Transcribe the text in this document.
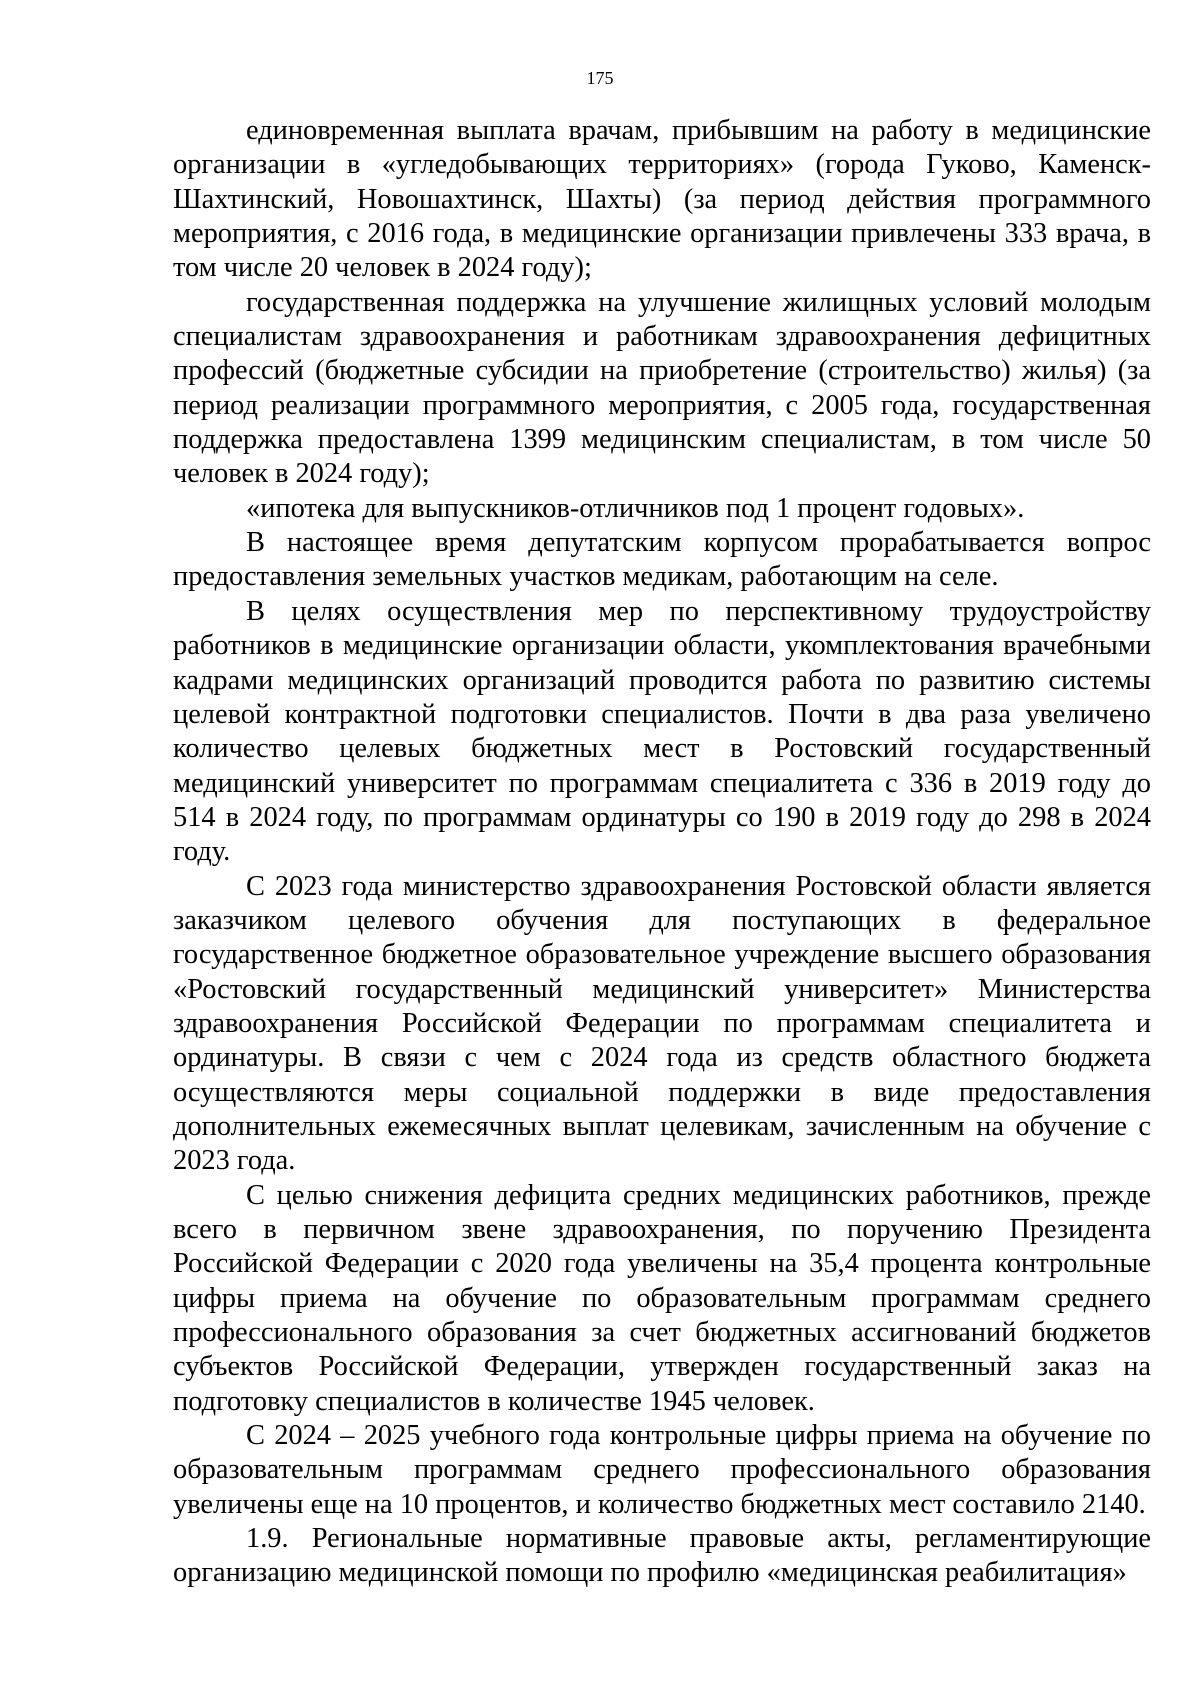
175

единовременная выплата врачам, прибывшим на работу в медицинские организации в «угледобывающих территориях» (города Гуково, Каменск-Шахтинский, Новошахтинск, Шахты) (за период действия программного мероприятия, с 2016 года, в медицинские организации привлечены 333 врача, в том числе 20 человек в 2024 году);

государственная поддержка на улучшение жилищных условий молодым специалистам здравоохранения и работникам здравоохранения дефицитных профессий (бюджетные субсидии на приобретение (строительство) жилья) (за период реализации программного мероприятия, с 2005 года, государственная поддержка предоставлена 1399 медицинским специалистам, в том числе 50 человек в 2024 году);

«ипотека для выпускников-отличников под 1 процент годовых».

В настоящее время депутатским корпусом прорабатывается вопрос предоставления земельных участков медикам, работающим на селе.

В целях осуществления мер по перспективному трудоустройству работников в медицинские организации области, укомплектования врачебными кадрами медицинских организаций проводится работа по развитию системы целевой контрактной подготовки специалистов. Почти в два раза увеличено количество целевых бюджетных мест в Ростовский государственный медицинский университет по программам специалитета с 336 в 2019 году до 514 в 2024 году, по программам ординатуры со 190 в 2019 году до 298 в 2024 году.

С 2023 года министерство здравоохранения Ростовской области является заказчиком целевого обучения для поступающих в федеральное государственное бюджетное образовательное учреждение высшего образования «Ростовский государственный медицинский университет» Министерства здравоохранения Российской Федерации по программам специалитета и ординатуры. В связи с чем с 2024 года из средств областного бюджета осуществляются меры социальной поддержки в виде предоставления дополнительных ежемесячных выплат целевикам, зачисленным на обучение с 2023 года.

С целью снижения дефицита средних медицинских работников, прежде всего в первичном звене здравоохранения, по поручению Президента Российской Федерации с 2020 года увеличены на 35,4 процента контрольные цифры приема на обучение по образовательным программам среднего профессионального образования за счет бюджетных ассигнований бюджетов субъектов Российской Федерации, утвержден государственный заказ на подготовку специалистов в количестве 1945 человек.

С 2024 – 2025 учебного года контрольные цифры приема на обучение по образовательным программам среднего профессионального образования увеличены еще на 10 процентов, и количество бюджетных мест составило 2140.

1.9. Региональные нормативные правовые акты, регламентирующие организацию медицинской помощи по профилю «медицинская реабилитация»
